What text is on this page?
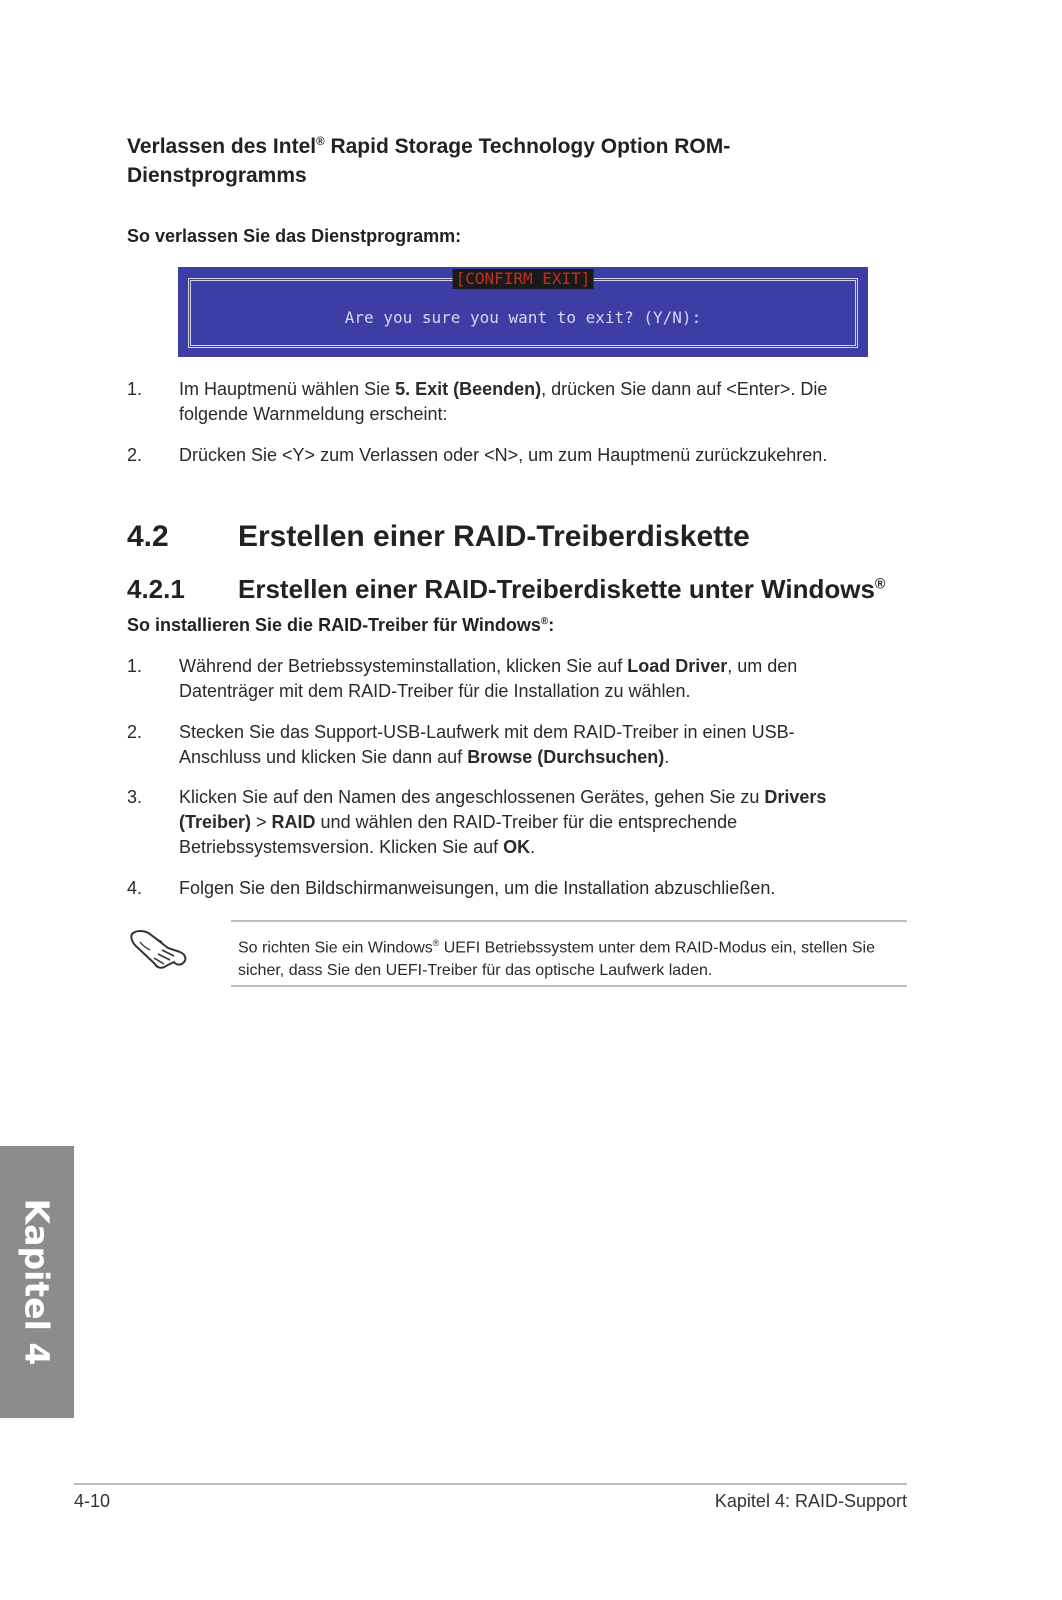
Verlassen des Intel® Rapid Storage Technology Option ROM-
Dienstprogramms
So verlassen Sie das Dienstprogramm:
[CONFIRM EXIT]
Are you sure you want to exit? (Y/N):
1. Im Hauptmenü wählen Sie 5. Exit (Beenden), drücken Sie dann auf <Enter>. Die folgende Warnmeldung erscheint:
2. Drücken Sie <Y> zum Verlassen oder <N>, um zum Hauptmenü zurückzukehren.
4.2 Erstellen einer RAID-Treiberdiskette
4.2.1 Erstellen einer RAID-Treiberdiskette unter Windows®
So installieren Sie die RAID-Treiber für Windows®:
1. Während der Betriebssysteminstallation, klicken Sie auf Load Driver, um den Datenträger mit dem RAID-Treiber für die Installation zu wählen.
2. Stecken Sie das Support-USB-Laufwerk mit dem RAID-Treiber in einen USB-Anschluss und klicken Sie dann auf Browse (Durchsuchen).
3. Klicken Sie auf den Namen des angeschlossenen Gerätes, gehen Sie zu Drivers (Treiber) > RAID und wählen den RAID-Treiber für die entsprechende Betriebssystemsversion. Klicken Sie auf OK.
4. Folgen Sie den Bildschirmanweisungen, um die Installation abzuschließen.
So richten Sie ein Windows® UEFI Betriebssystem unter dem RAID-Modus ein, stellen Sie sicher, dass Sie den UEFI-Treiber für das optische Laufwerk laden.
Kapitel 4
4-10	Kapitel 4: RAID-Support
